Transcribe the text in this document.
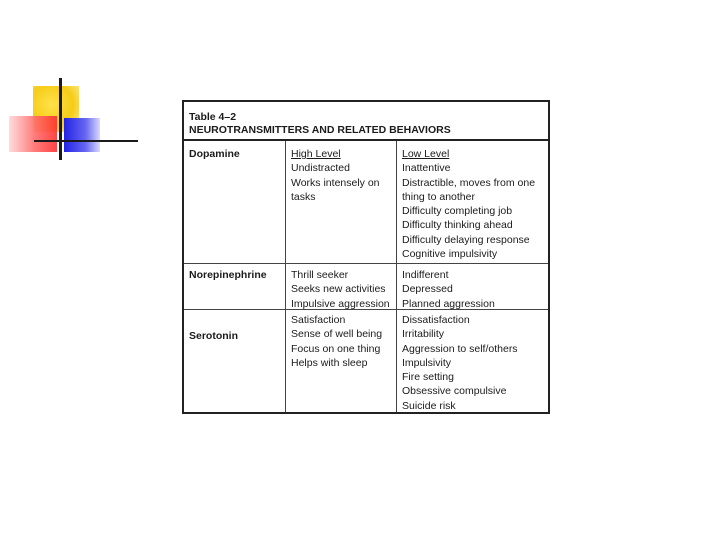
Table 4–2
NEUROTRANSMITTERS AND RELATED BEHAVIORS
Dopamine	High Level
Undistracted
Works intensely on
tasks
Low Level
Inattentive
Distractible, moves from one
thing to another
Difficulty completing job
Difficulty thinking ahead
Difficulty delaying response
Cognitive impulsivity
Norepinephrine Thrill seeker
Seeks new activities
Impulsive aggression
Indifferent
Depressed
Planned aggression
Serotonin
Satisfaction
Sense of well being
Focus on one thing
Helps with sleep
Dissatisfaction
Irritability
Aggression to self/others
Impulsivity
Fire setting
Obsessive compulsive
Suicide risk
